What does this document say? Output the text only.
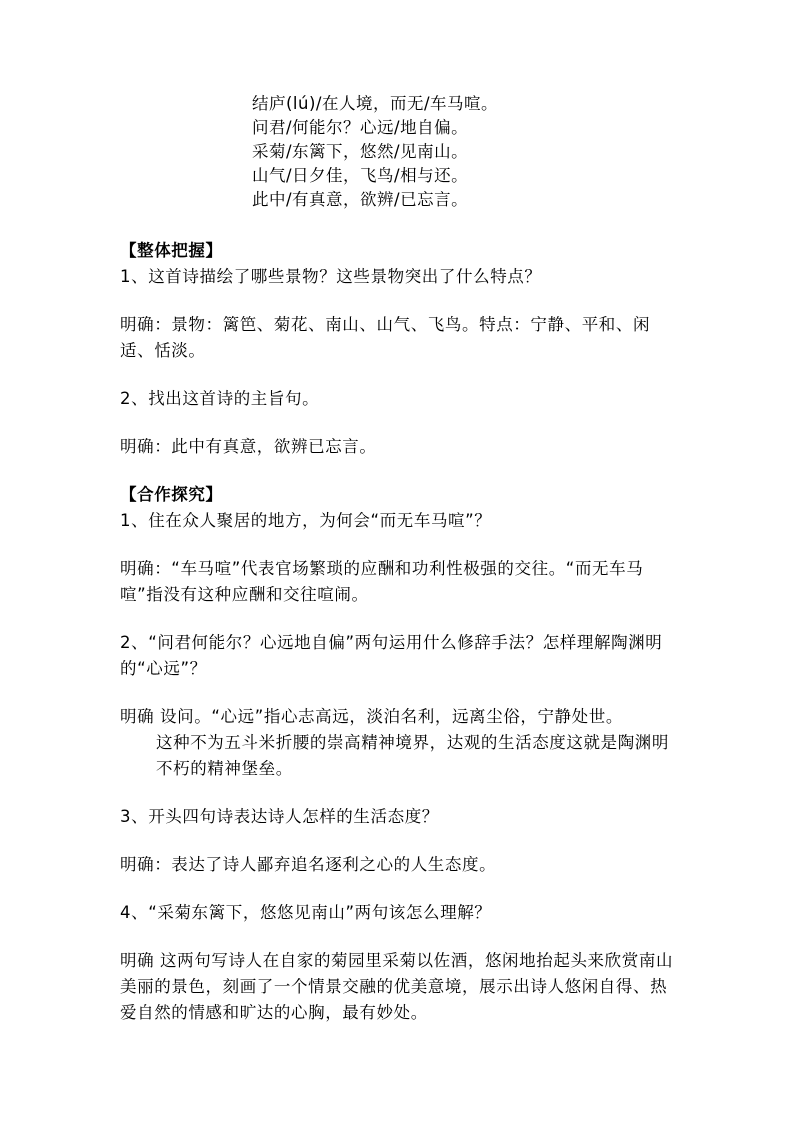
结庐(lú)/在人境，而无/车马喧。
问君/何能尔？心远/地自偏。
采菊/东篱下，悠然/见南山。
山气/日夕佳，飞鸟/相与还。
此中/有真意，欲辨/已忘言。

【整体把握】

1、这首诗描绘了哪些景物？这些景物突出了什么特点？

明确：景物：篱笆、菊花、南山、山气、飞鸟。特点：宁静、平和、闲适、恬淡。

2、找出这首诗的主旨句。

明确：此中有真意，欲辨已忘言。

【合作探究】

1、住在众人聚居的地方，为何会“而无车马喧”？

明确：“车马喧”代表官场繁琐的应酬和功利性极强的交往。“而无车马喧”指没有这种应酬和交往喧闹。

2、“问君何能尔？心远地自偏”两句运用什么修辞手法？怎样理解陶渊明的“心远”？

明确 设问。“心远”指心志高远，淡泊名利，远离尘俗，宁静处世。

这种不为五斗米折腰的崇高精神境界，达观的生活态度这就是陶渊明不朽的精神堡垒。

3、开头四句诗表达诗人怎样的生活态度？

明确：表达了诗人鄙弃追名逐利之心的人生态度。

4、“采菊东篱下，悠悠见南山”两句该怎么理解？

明确 这两句写诗人在自家的菊园里采菊以佐酒，悠闲地抬起头来欣赏南山美丽的景色，刻画了一个情景交融的优美意境，展示出诗人悠闲自得、热爱自然的情感和旷达的心胸，最有妙处。
